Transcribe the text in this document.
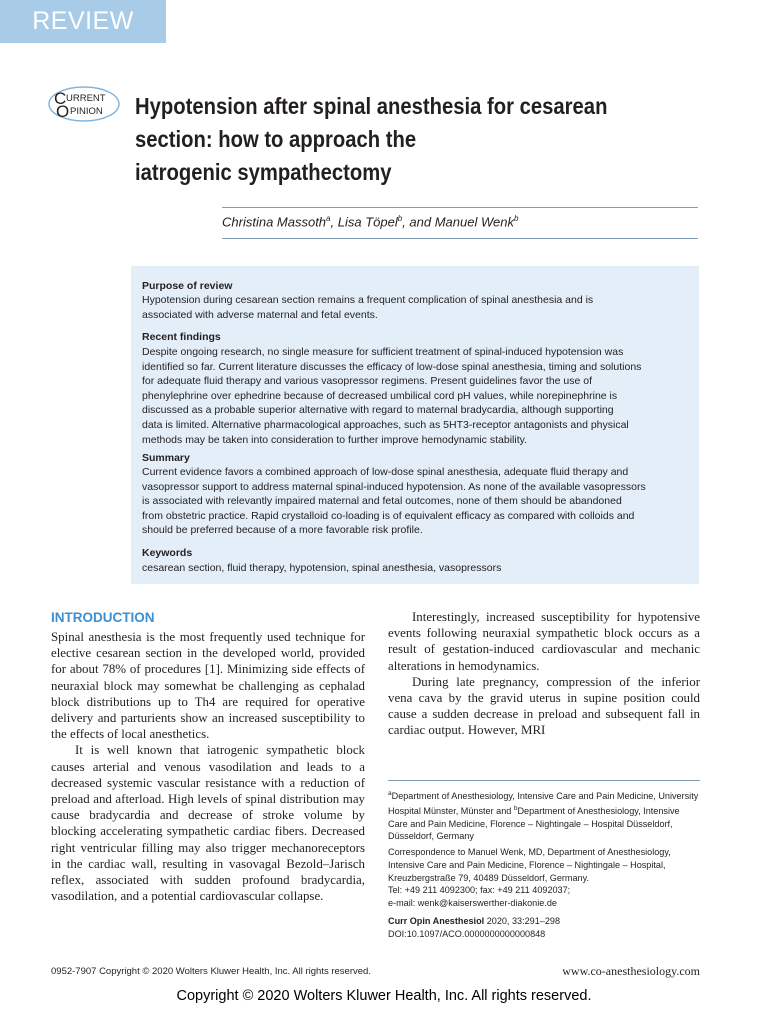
REVIEW
C URRENT
O PINION Hypotension after spinal anesthesia for cesarean
section: how to approach the
iatrogenic sympathectomy
Christina Massoth$^a$, Lisa Töpel$^b$, and Manuel Wenk$^b$
Purpose of review
Hypotension during cesarean section remains a frequent complication of spinal anesthesia and is
associated with adverse maternal and fetal events.
Recent findings
Despite ongoing research, no single measure for sufficient treatment of spinal-induced hypotension was
identified so far. Current literature discusses the efficacy of low-dose spinal anesthesia, timing and solutions
for adequate fluid therapy and various vasopressor regimens. Present guidelines favor the use of
phenylephrine over ephedrine because of decreased umbilical cord pH values, while norepinephrine is
discussed as a probable superior alternative with regard to maternal bradycardia, although supporting
data is limited. Alternative pharmacological approaches, such as 5HT3-receptor antagonists and physical
methods may be taken into consideration to further improve hemodynamic stability.
Summary
Current evidence favors a combined approach of low-dose spinal anesthesia, adequate fluid therapy and
vasopressor support to address maternal spinal-induced hypotension. As none of the available vasopressors
is associated with relevantly impaired maternal and fetal outcomes, none of them should be abandoned
from obstetric practice. Rapid crystalloid co-loading is of equivalent efficacy as compared with colloids and
should be preferred because of a more favorable risk profile.
Keywords
cesarean section, fluid therapy, hypotension, spinal anesthesia, vasopressors
INTRODUCTION

Spinal anesthesia is the most frequently used technique for elective cesarean section in the developed world, provided for about 78% of procedures [1]. Minimizing side effects of neuraxial block may somewhat be challenging as cephalad block distributions up to Th4 are required for operative delivery and parturients show an increased susceptibility to the effects of local anesthetics.

It is well known that iatrogenic sympathetic block causes arterial and venous vasodilation and leads to a decreased systemic vascular resistance with a reduction of preload and afterload. High levels of spinal distribution may cause bradycardia and decrease of stroke volume by blocking accelerating sympathetic cardiac fibers. Decreased right ventricular filling may also trigger mechanoreceptors in the cardiac wall, resulting in vasovagal Bezold–Jarisch reflex, associated with sudden profound bradycardia, vasodilation, and a potential cardiovascular collapse.

Interestingly, increased susceptibility for hypotensive events following neuraxial sympathetic block occurs as a result of gestation-induced cardiovascular and mechanic alterations in hemodynamics.

During late pregnancy, compression of the inferior vena cava by the gravid uterus in supine position could cause a sudden decrease in preload and subsequent fall in cardiac output. However, MRI

$^a$Department of Anesthesiology, Intensive Care and Pain Medicine, University Hospital Münster, Münster and $^b$Department of Anesthesiology, Intensive Care and Pain Medicine, Florence – Nightingale – Hospital Düsseldorf, Düsseldorf, Germany
Correspondence to Manuel Wenk, MD, Department of Anesthesiology, Intensive Care and Pain Medicine, Florence – Nightingale – Hospital, Kreuzbergstraße 79, 40489 Düsseldorf, Germany.
Tel: +49 211 4092300; fax: +49 211 4092037;
e-mail: wenk@kaiserswerther-diakonie.de
Curr Opin Anesthesiol 2020, 33:291–298
DOI:10.1097/ACO.0000000000000848
0952-7907 Copyright © 2020 Wolters Kluwer Health, Inc. All rights reserved.	www.co-anesthesiology.com
Copyright © 2020 Wolters Kluwer Health, Inc. All rights reserved.
